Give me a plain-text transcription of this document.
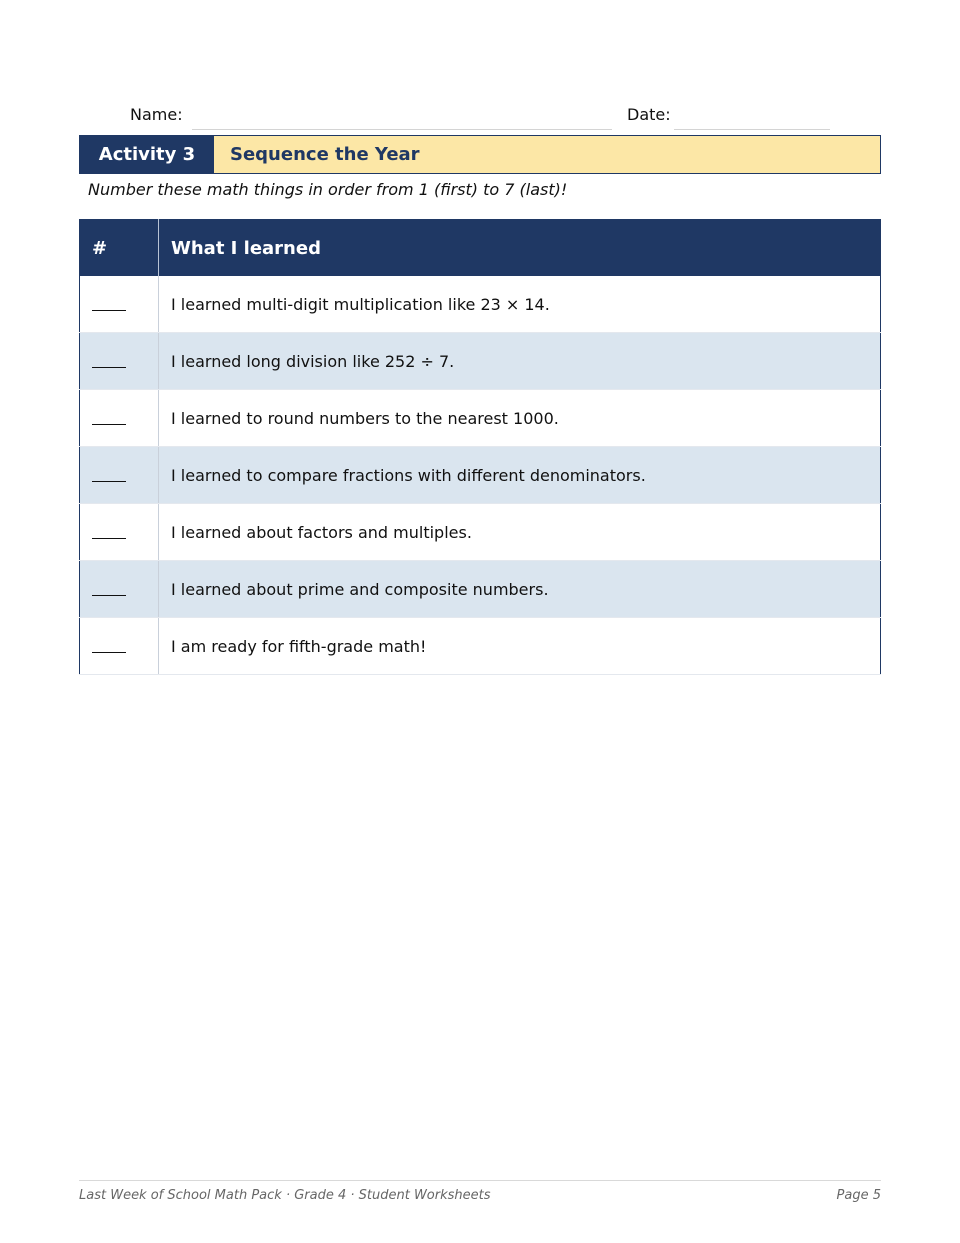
Name:	Date:
Activity 3	Sequence the Year
Number these math things in order from 1 (first) to 7 (last)!
#	What I learned
	I learned multi-digit multiplication like 23 × 14.
	I learned long division like 252 ÷ 7.
	I learned to round numbers to the nearest 1000.
	I learned to compare fractions with different denominators.
	I learned about factors and multiples.
	I learned about prime and composite numbers.
	I am ready for fifth-grade math!
Last Week of School Math Pack · Grade 4 · Student Worksheets	Page 5
